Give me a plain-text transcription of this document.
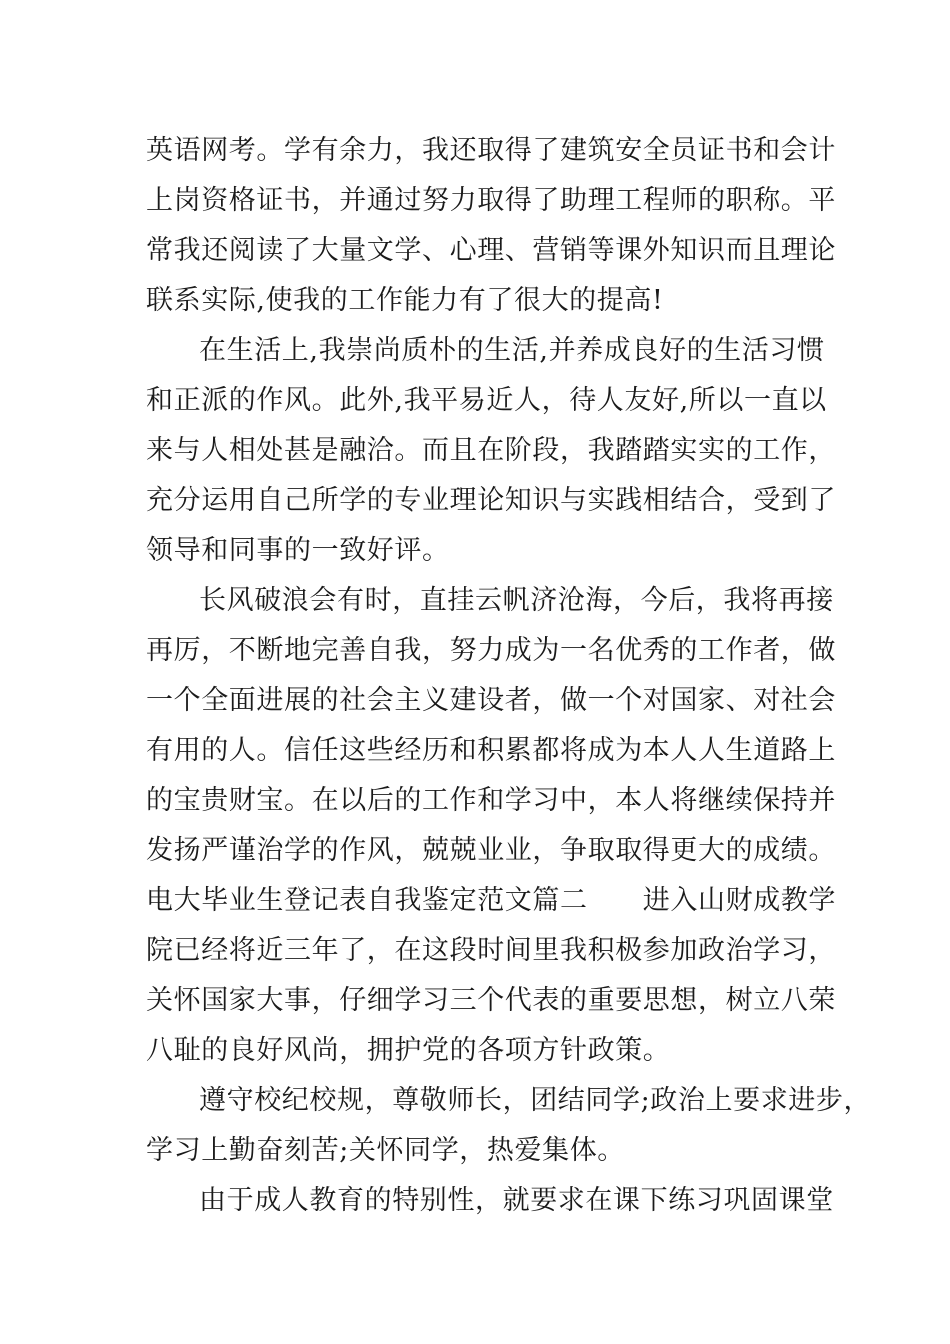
英语网考。学有余力，我还取得了建筑安全员证书和会计
上岗资格证书，并通过努力取得了助理工程师的职称。平
常我还阅读了大量文学、心理、营销等课外知识而且理论
联系实际,使我的工作能力有了很大的提高!
在生活上,我崇尚质朴的生活,并养成良好的生活习惯
和正派的作风。此外,我平易近人，待人友好,所以一直以
来与人相处甚是融洽。而且在阶段，我踏踏实实的工作，
充分运用自己所学的专业理论知识与实践相结合，受到了
领导和同事的一致好评。
长风破浪会有时，直挂云帆济沧海，今后，我将再接
再厉，不断地完善自我，努力成为一名优秀的工作者，做
一个全面进展的社会主义建设者，做一个对国家、对社会
有用的人。信任这些经历和积累都将成为本人人生道路上
的宝贵财宝。在以后的工作和学习中，本人将继续保持并
发扬严谨治学的作风，兢兢业业，争取取得更大的成绩。
电大毕业生登记表自我鉴定范文篇二　　进入山财成教学
院已经将近三年了，在这段时间里我积极参加政治学习，
关怀国家大事，仔细学习三个代表的重要思想，树立八荣
八耻的良好风尚，拥护党的各项方针政策。
遵守校纪校规，尊敬师长，团结同学;政治上要求进步，
学习上勤奋刻苦;关怀同学，热爱集体。
由于成人教育的特别性，就要求在课下练习巩固课堂
